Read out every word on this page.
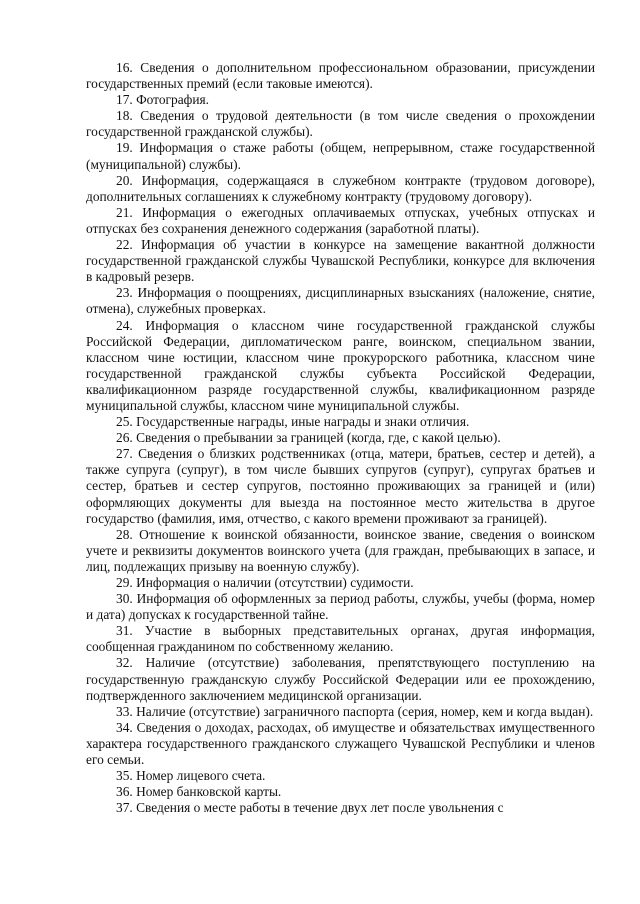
16. Сведения о дополнительном профессиональном образовании, присуждении государственных премий (если таковые имеются).

17. Фотография.

18. Сведения о трудовой деятельности (в том числе сведения о прохождении государственной гражданской службы).

19. Информация о стаже работы (общем, непрерывном, стаже государственной (муниципальной) службы).

20. Информация, содержащаяся в служебном контракте (трудовом договоре), дополнительных соглашениях к служебному контракту (трудовому договору).

21. Информация о ежегодных оплачиваемых отпусках, учебных отпусках и отпусках без сохранения денежного содержания (заработной платы).

22. Информация об участии в конкурсе на замещение вакантной должности государственной гражданской службы Чувашской Республики, конкурсе для включения в кадровый резерв.

23. Информация о поощрениях, дисциплинарных взысканиях (наложение, снятие, отмена), служебных проверках.

24. Информация о классном чине государственной гражданской службы Российской Федерации, дипломатическом ранге, воинском, специальном звании, классном чине юстиции, классном чине прокурорского работника, классном чине государственной гражданской службы субъекта Российской Федерации, квалификационном разряде государственной службы, квалификационном разряде муниципальной службы, классном чине муниципальной службы.

25. Государственные награды, иные награды и знаки отличия.

26. Сведения о пребывании за границей (когда, где, с какой целью).

27. Сведения о близких родственниках (отца, матери, братьев, сестер и детей), а также супруга (супруг), в том числе бывших супругов (супруг), супругах братьев и сестер, братьев и сестер супругов, постоянно проживающих за границей и (или) оформляющих документы для выезда на постоянное место жительства в другое государство (фамилия, имя, отчество, с какого времени проживают за границей).

28. Отношение к воинской обязанности, воинское звание, сведения о воинском учете и реквизиты документов воинского учета (для граждан, пребывающих в запасе, и лиц, подлежащих призыву на военную службу).

29. Информация о наличии (отсутствии) судимости.

30. Информация об оформленных за период работы, службы, учебы (форма, номер и дата) допусках к государственной тайне.

31. Участие в выборных представительных органах, другая информация, сообщенная гражданином по собственному желанию.

32. Наличие (отсутствие) заболевания, препятствующего поступлению на государственную гражданскую службу Российской Федерации или ее прохождению, подтвержденного заключением медицинской организации.

33. Наличие (отсутствие) заграничного паспорта (серия, номер, кем и когда выдан).

34. Сведения о доходах, расходах, об имуществе и обязательствах имущественного характера государственного гражданского служащего Чувашской Республики и членов его семьи.

35. Номер лицевого счета.

36. Номер банковской карты.

37. Сведения о месте работы в течение двух лет после увольнения с
